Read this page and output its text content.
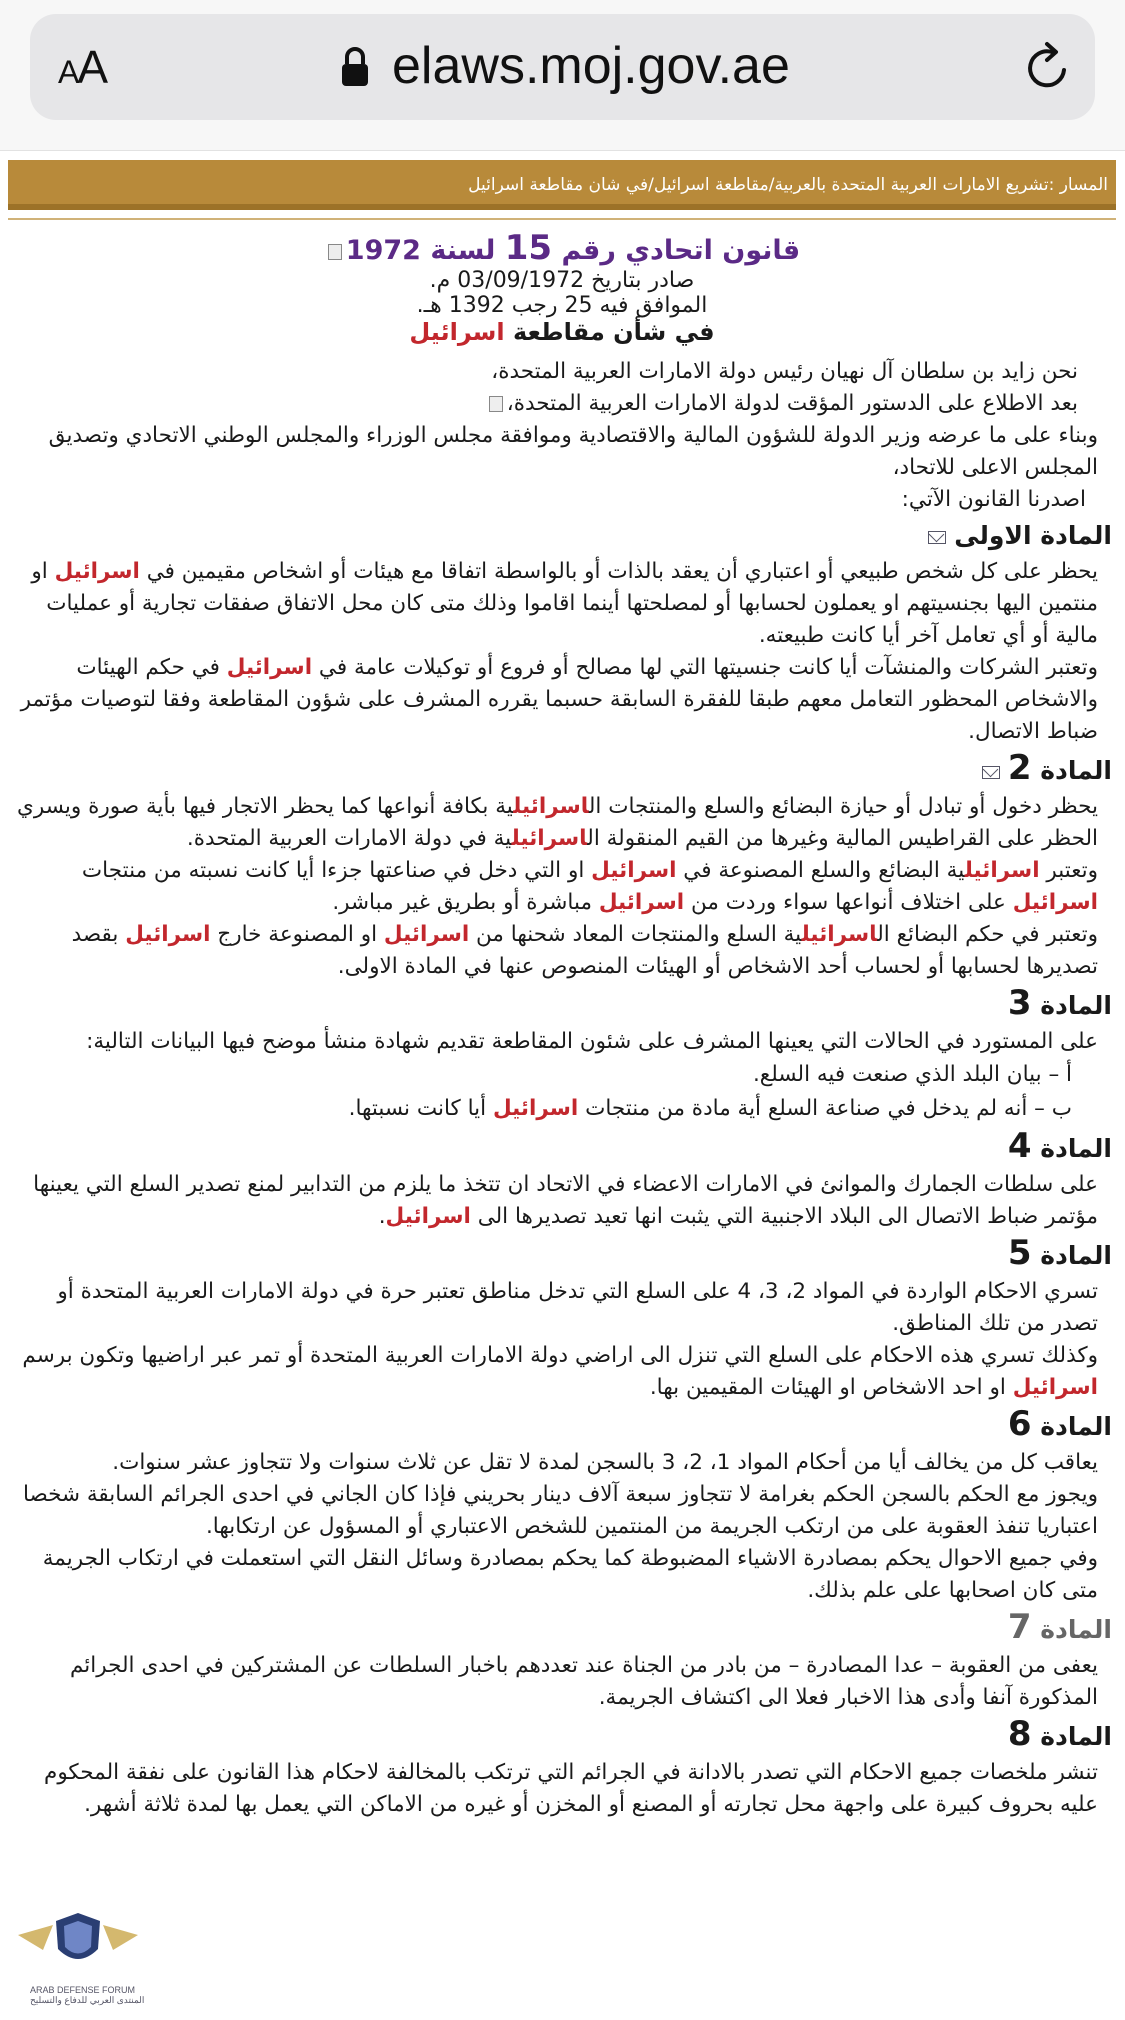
AA	elaws.moj.gov.ae
المسار :تشريع الامارات العربية المتحدة بالعربية/مقاطعة اسرائيل/في شان مقاطعة اسرائيل

قانون اتحادي رقم 15 لسنة 1972

صادر بتاريخ 03/09/1972 م.

الموافق فيه 25 رجب 1392 هـ.

في شأن مقاطعة اسرائيل

نحن زايد بن سلطان آل نهيان رئيس دولة الامارات العربية المتحدة،

بعد الاطلاع على الدستور المؤقت لدولة الامارات العربية المتحدة،

وبناء على ما عرضه وزير الدولة للشؤون المالية والاقتصادية وموافقة مجلس الوزراء والمجلس الوطني الاتحادي وتصديق المجلس الاعلى للاتحاد،

اصدرنا القانون الآتي:

المادة الاولى

يحظر على كل شخص طبيعي أو اعتباري أن يعقد بالذات أو بالواسطة اتفاقا مع هيئات أو اشخاص مقيمين في اسرائيل او منتمين اليها بجنسيتهم او يعملون لحسابها أو لمصلحتها أينما اقاموا وذلك متى كان محل الاتفاق صفقات تجارية أو عمليات مالية أو أي تعامل آخر أيا كانت طبيعته.

وتعتبر الشركات والمنشآت أيا كانت جنسيتها التي لها مصالح أو فروع أو توكيلات عامة في اسرائيل في حكم الهيئات والاشخاص المحظور التعامل معهم طبقا للفقرة السابقة حسبما يقرره المشرف على شؤون المقاطعة وفقا لتوصيات مؤتمر ضباط الاتصال.

المادة 2

يحظر دخول أو تبادل أو حيازة البضائع والسلع والمنتجات الاسرائيلية بكافة أنواعها كما يحظر الاتجار فيها بأية صورة ويسري الحظر على القراطيس المالية وغيرها من القيم المنقولة الاسرائيلية في دولة الامارات العربية المتحدة.

وتعتبر اسرائيلية البضائع والسلع المصنوعة في اسرائيل او التي دخل في صناعتها جزءا أيا كانت نسبته من منتجات اسرائيل على اختلاف أنواعها سواء وردت من اسرائيل مباشرة أو بطريق غير مباشر.

وتعتبر في حكم البضائع الاسرائيلية السلع والمنتجات المعاد شحنها من اسرائيل او المصنوعة خارج اسرائيل بقصد تصديرها لحسابها أو لحساب أحد الاشخاص أو الهيئات المنصوص عنها في المادة الاولى.

المادة 3

على المستورد في الحالات التي يعينها المشرف على شئون المقاطعة تقديم شهادة منشأ موضح فيها البيانات التالية:

أ – بيان البلد الذي صنعت فيه السلع.

ب – أنه لم يدخل في صناعة السلع أية مادة من منتجات اسرائيل أيا كانت نسبتها.

المادة 4

على سلطات الجمارك والموانئ في الامارات الاعضاء في الاتحاد ان تتخذ ما يلزم من التدابير لمنع تصدير السلع التي يعينها مؤتمر ضباط الاتصال الى البلاد الاجنبية التي يثبت انها تعيد تصديرها الى اسرائيل.

المادة 5

تسري الاحكام الواردة في المواد 2، 3، 4 على السلع التي تدخل مناطق تعتبر حرة في دولة الامارات العربية المتحدة أو تصدر من تلك المناطق.

وكذلك تسري هذه الاحكام على السلع التي تنزل الى اراضي دولة الامارات العربية المتحدة أو تمر عبر اراضيها وتكون برسم اسرائيل او احد الاشخاص او الهيئات المقيمين بها.

المادة 6

يعاقب كل من يخالف أيا من أحكام المواد 1، 2، 3 بالسجن لمدة لا تقل عن ثلاث سنوات ولا تتجاوز عشر سنوات.

ويجوز مع الحكم بالسجن الحكم بغرامة لا تتجاوز سبعة آلاف دينار بحريني فإذا كان الجاني في احدى الجرائم السابقة شخصا اعتباريا تنفذ العقوبة على من ارتكب الجريمة من المنتمين للشخص الاعتباري أو المسؤول عن ارتكابها.

وفي جميع الاحوال يحكم بمصادرة الاشياء المضبوطة كما يحكم بمصادرة وسائل النقل التي استعملت في ارتكاب الجريمة متى كان اصحابها على علم بذلك.

المادة 7

يعفى من العقوبة – عدا المصادرة – من بادر من الجناة عند تعددهم باخبار السلطات عن المشتركين في احدى الجرائم المذكورة آنفا وأدى هذا الاخبار فعلا الى اكتشاف الجريمة.

المادة 8

تنشر ملخصات جميع الاحكام التي تصدر بالادانة في الجرائم التي ترتكب بالمخالفة لاحكام هذا القانون على نفقة المحكوم عليه بحروف كبيرة على واجهة محل تجارته أو المصنع أو المخزن أو غيره من الاماكن التي يعمل بها لمدة ثلاثة أشهر.

ARAB DEFENSE FORUM
المنتدى العربي للدفاع والتسليح
